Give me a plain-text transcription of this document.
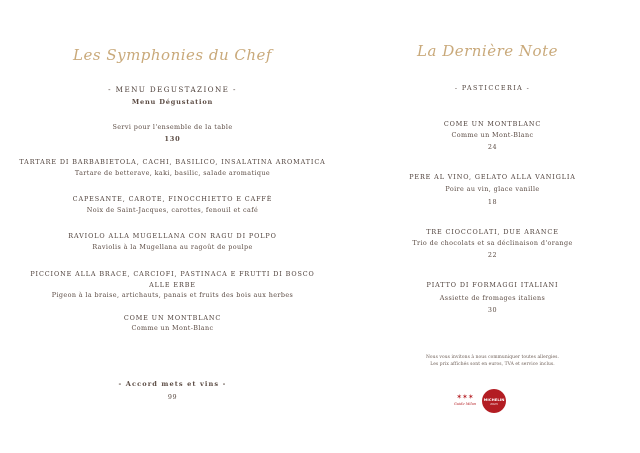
Les Symphonies du Chef
- MENU DEGUSTAZIONE -
Menu Dégustation
Servi pour l'ensemble de la table
130
TARTARE DI BARBABIETOLA, CACHI, BASILICO, INSALATINA AROMATICA
Tartare de betterave, kaki, basilic, salade aromatique
CAPESANTE, CAROTE, FINOCCHIETTO E CAFFÈ
Noix de Saint-Jacques, carottes, fenouil et café
RAVIOLO ALLA MUGELLANA CON RAGU DI POLPO
Raviolis à la Mugellana au ragoût de poulpe
PICCIONE ALLA BRACE, CARCIOFI, PASTINACA E FRUTTI DI BOSCO
ALLE ERBE
Pigeon à la braise, artichauts, panais et fruits des bois aux herbes
COME UN MONTBLANC
Comme un Mont-Blanc
- Accord mets et vins -
99
La Dernière Note
- PASTICCERIA -
COME UN MONTBLANC
Comme un Mont-Blanc
24
PERE AL VINO, GELATO ALLA VANIGLIA
Poire au vin, glace vanille
18
TRE CIOCCOLATI, DUE ARANCE
Trio de chocolats et sa déclinaison d'orange
22
PIATTO DI FORMAGGI ITALIANI
Assiette de fromages italiens
30
Nous vous invitons à nous communiquer toutes allergies.
Les prix affichés sont en euros, TVA et service inclus.
✶✶✶
Guide Milan
MICHELIN
2023
